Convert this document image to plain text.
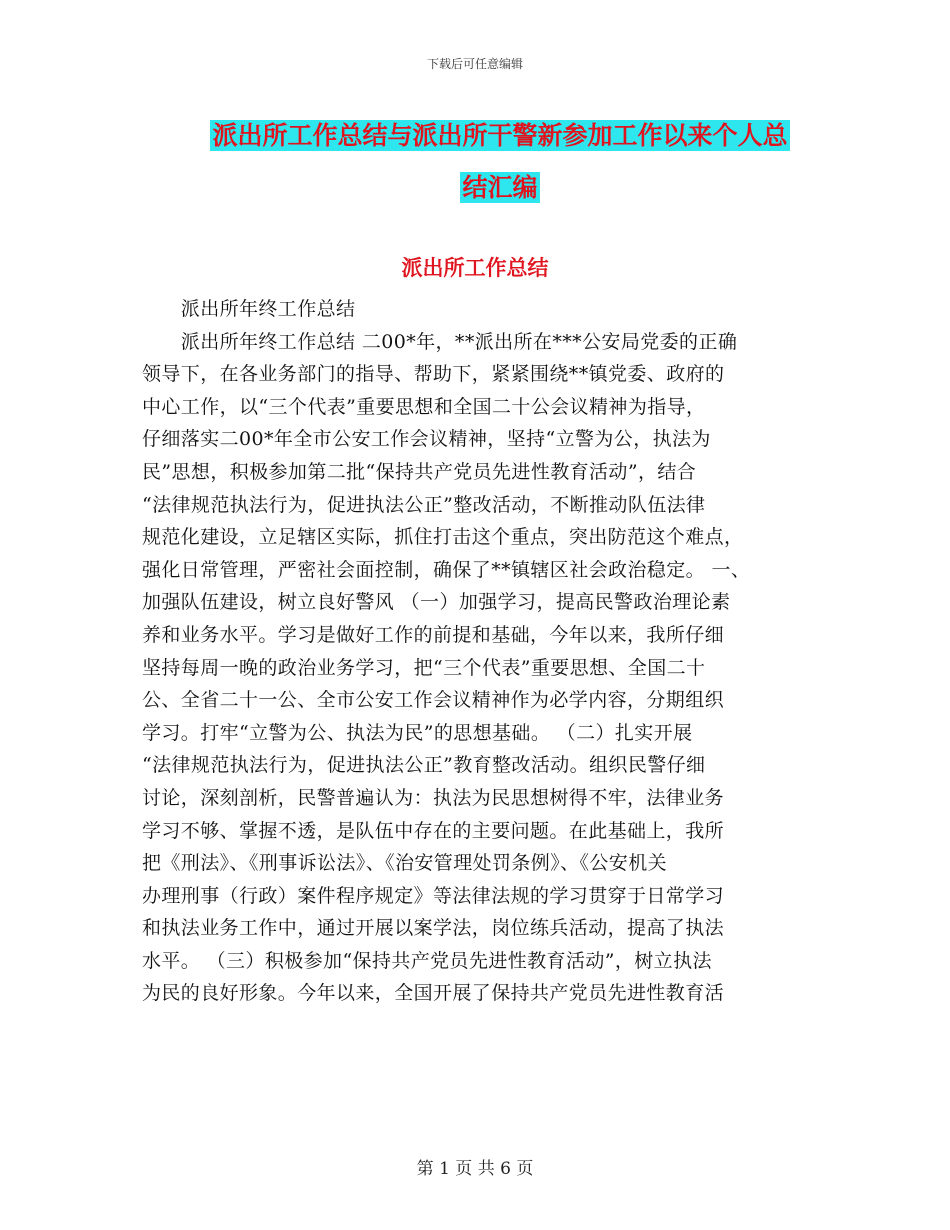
下载后可任意编辑
派出所工作总结与派出所干警新参加工作以来个人总
结汇编
派出所工作总结
　　派出所年终工作总结
　　派出所年终工作总结 二00*年，**派出所在***公安局党委的正确
领导下，在各业务部门的指导、帮助下，紧紧围绕**镇党委、政府的
中心工作，以“三个代表”重要思想和全国二十公会议精神为指导，
仔细落实二00*年全市公安工作会议精神，坚持“立警为公，执法为
民”思想，积极参加第二批“保持共产党员先进性教育活动”，结合
“法律规范执法行为，促进执法公正”整改活动，不断推动队伍法律
规范化建设，立足辖区实际，抓住打击这个重点，突出防范这个难点，
强化日常管理，严密社会面控制，确保了**镇辖区社会政治稳定。 一、
加强队伍建设，树立良好警风 （一）加强学习，提高民警政治理论素
养和业务水平。学习是做好工作的前提和基础，今年以来，我所仔细
坚持每周一晚的政治业务学习，把“三个代表”重要思想、全国二十
公、全省二十一公、全市公安工作会议精神作为必学内容，分期组织
学习。打牢“立警为公、执法为民”的思想基础。 （二）扎实开展
“法律规范执法行为，促进执法公正”教育整改活动。组织民警仔细
讨论，深刻剖析，民警普遍认为：执法为民思想树得不牢，法律业务
学习不够、掌握不透，是队伍中存在的主要问题。在此基础上，我所
把《刑法》、《刑事诉讼法》、《治安管理处罚条例》、《公安机关
办理刑事（行政）案件程序规定》等法律法规的学习贯穿于日常学习
和执法业务工作中，通过开展以案学法，岗位练兵活动，提高了执法
水平。 （三）积极参加“保持共产党员先进性教育活动”，树立执法
为民的良好形象。今年以来，全国开展了保持共产党员先进性教育活
第 1 页 共 6 页
